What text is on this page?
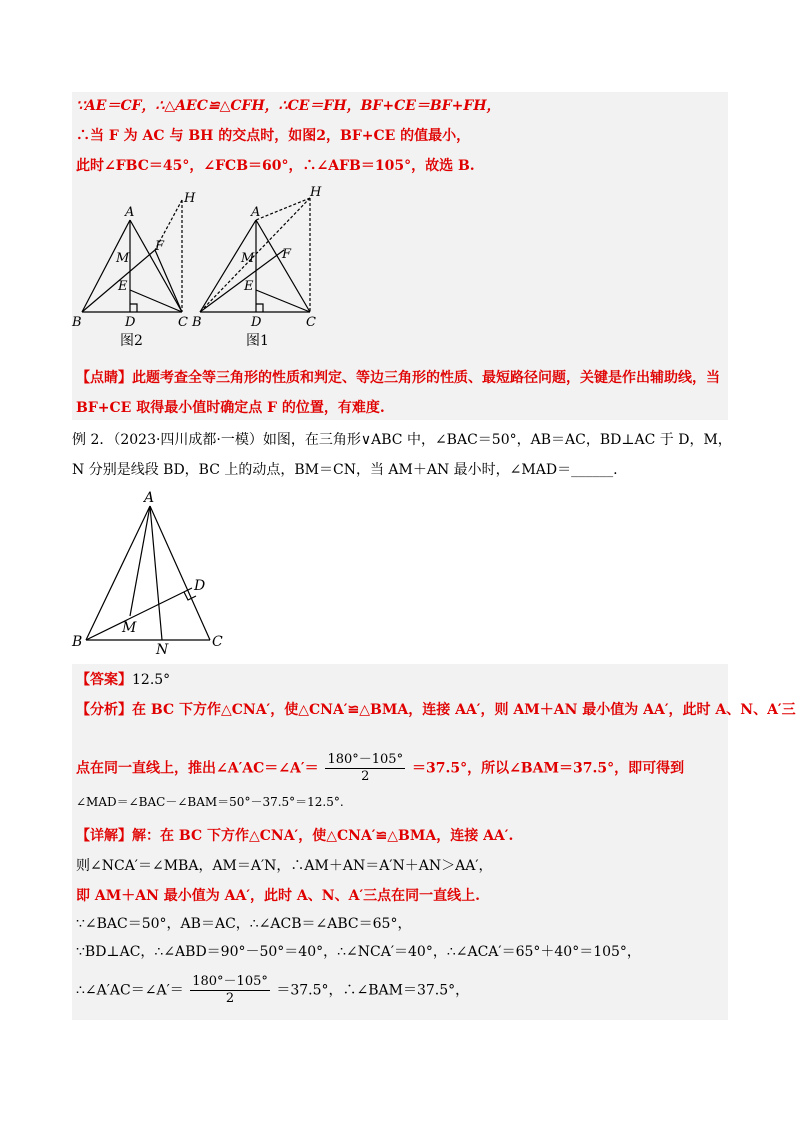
∵AE＝CF，∴△AEC≌△CFH，∴CE＝FH，BF+CE＝BF+FH，
∴当 F 为 AC 与 BH 的交点时，如图2，BF+CE 的值最小，
此时∠FBC＝45°，∠FCB＝60°，∴∠AFB＝105°，故选 B.
A
H
F
M
E
B	D	C
A
H
F
M
E
B	D	C
图2	图1
【点睛】此题考查全等三角形的性质和判定、等边三角形的性质、最短路径问题，关键是作出辅助线，当
BF+CE 取得最小值时确定点 F 的位置，有难度.
例 2．（2023·四川成都·一模）如图，在三角形∨ABC 中，∠BAC＝50°，AB＝AC，BD⊥AC 于 D，M，
N 分别是线段 BD，BC 上的动点，BM＝CN，当 AM＋AN 最小时，∠MAD＝______.
A
D
M
B	N	C
【答案】12.5°
【分析】在 BC 下方作△CNA′，使△CNA′≌△BMA，连接 AA′，则 AM＋AN 最小值为 AA′，此时 A、N、A′三
点在同一直线上，推出∠A′AC＝∠A′＝ $\frac{180^\circ-105^\circ}{2} =37.5^\circ$，所以∠BAM＝37.5°，即可得到
∠MAD＝∠BAC－∠BAM＝50°－37.5°＝12.5°.
【详解】解：在 BC 下方作△CNA′，使△CNA′≌△BMA，连接 AA′.
则∠NCA′＝∠MBA，AM＝A′N，∴AM＋AN＝A′N＋AN＞AA′，
即 AM＋AN 最小值为 AA′，此时 A、N、A′三点在同一直线上.
∵∠BAC＝50°，AB＝AC，∴∠ACB＝∠ABC＝65°，
∵BD⊥AC，∴∠ABD＝90°－50°＝40°，∴∠NCA′＝40°，∴∠ACA′＝65°＋40°＝105°，
∴∠A′AC＝∠A′＝ $\frac{180^\circ-105^\circ}{2} =37.5^\circ$，∴∠BAM＝37.5°，
